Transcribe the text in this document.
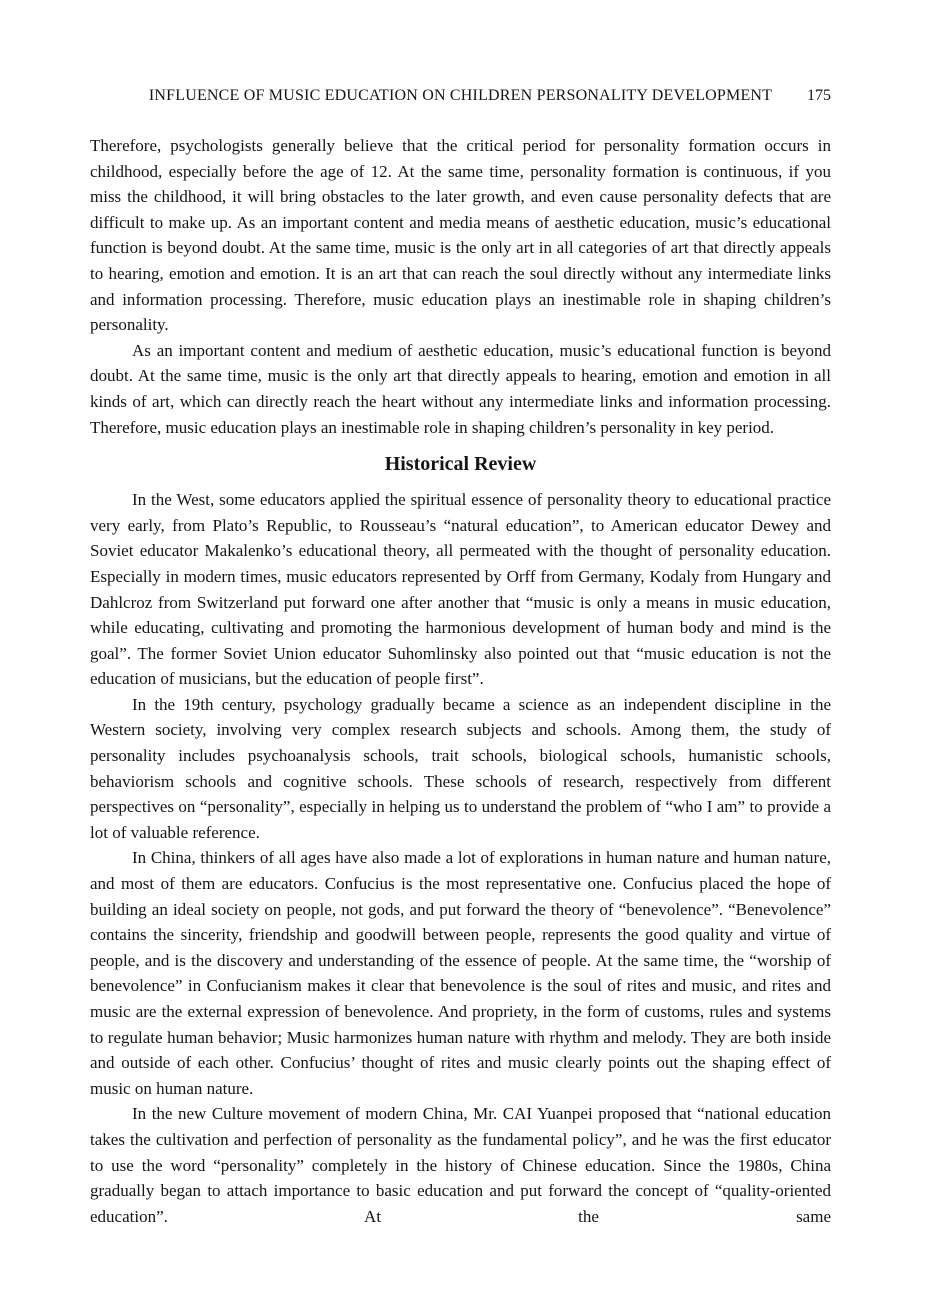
INFLUENCE OF MUSIC EDUCATION ON CHILDREN PERSONALITY DEVELOPMENT 175

Therefore, psychologists generally believe that the critical period for personality formation occurs in childhood, especially before the age of 12. At the same time, personality formation is continuous, if you miss the childhood, it will bring obstacles to the later growth, and even cause personality defects that are difficult to make up. As an important content and media means of aesthetic education, music’s educational function is beyond doubt. At the same time, music is the only art in all categories of art that directly appeals to hearing, emotion and emotion. It is an art that can reach the soul directly without any intermediate links and information processing. Therefore, music education plays an inestimable role in shaping children’s personality.

As an important content and medium of aesthetic education, music’s educational function is beyond doubt. At the same time, music is the only art that directly appeals to hearing, emotion and emotion in all kinds of art, which can directly reach the heart without any intermediate links and information processing. Therefore, music education plays an inestimable role in shaping children’s personality in key period.

Historical Review

In the West, some educators applied the spiritual essence of personality theory to educational practice very early, from Plato’s Republic, to Rousseau’s “natural education”, to American educator Dewey and Soviet educator Makalenko’s educational theory, all permeated with the thought of personality education. Especially in modern times, music educators represented by Orff from Germany, Kodaly from Hungary and Dahlcroz from Switzerland put forward one after another that “music is only a means in music education, while educating, cultivating and promoting the harmonious development of human body and mind is the goal”. The former Soviet Union educator Suhomlinsky also pointed out that “music education is not the education of musicians, but the education of people first”.

In the 19th century, psychology gradually became a science as an independent discipline in the Western society, involving very complex research subjects and schools. Among them, the study of personality includes psychoanalysis schools, trait schools, biological schools, humanistic schools, behaviorism schools and cognitive schools. These schools of research, respectively from different perspectives on “personality”, especially in helping us to understand the problem of “who I am” to provide a lot of valuable reference.

In China, thinkers of all ages have also made a lot of explorations in human nature and human nature, and most of them are educators. Confucius is the most representative one. Confucius placed the hope of building an ideal society on people, not gods, and put forward the theory of “benevolence”. “Benevolence” contains the sincerity, friendship and goodwill between people, represents the good quality and virtue of people, and is the discovery and understanding of the essence of people. At the same time, the “worship of benevolence” in Confucianism makes it clear that benevolence is the soul of rites and music, and rites and music are the external expression of benevolence. And propriety, in the form of customs, rules and systems to regulate human behavior; Music harmonizes human nature with rhythm and melody. They are both inside and outside of each other. Confucius’ thought of rites and music clearly points out the shaping effect of music on human nature.

In the new Culture movement of modern China, Mr. CAI Yuanpei proposed that “national education takes the cultivation and perfection of personality as the fundamental policy”, and he was the first educator to use the word “personality” completely in the history of Chinese education. Since the 1980s, China gradually began to attach importance to basic education and put forward the concept of “quality-oriented education”. At the same
